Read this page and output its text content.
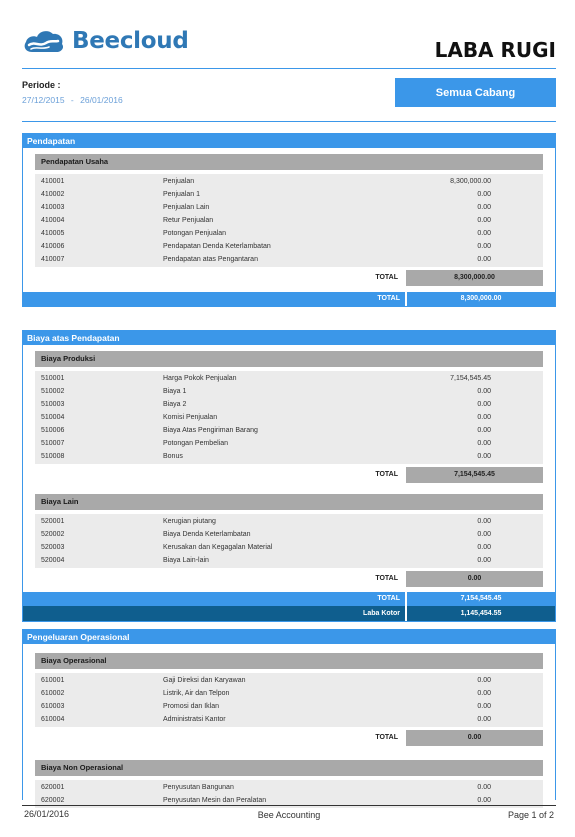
Beecloud	LABA RUGI
Periode :
27/12/2015 - 26/01/2016
Semua Cabang
Pendapatan
Pendapatan Usaha
410001	Penjualan	8,300,000.00
410002	Penjualan 1	0.00
410003	Penjualan Lain	0.00
410004	Retur Penjualan	0.00
410005	Potongan Penjualan	0.00
410006	Pendapatan Denda Keterlambatan	0.00
410007	Pendapatan atas Pengantaran	0.00
TOTAL	8,300,000.00
TOTAL	8,300,000.00
Biaya atas Pendapatan
Biaya Produksi
510001	Harga Pokok Penjualan	7,154,545.45
510002	Biaya 1	0.00
510003	Biaya 2	0.00
510004	Komisi Penjualan	0.00
510006	Biaya Atas Pengiriman Barang	0.00
510007	Potongan Pembelian	0.00
510008	Bonus	0.00
TOTAL	7,154,545.45
Biaya Lain
520001	Kerugian piutang	0.00
520002	Biaya Denda Keterlambatan	0.00
520003	Kerusakan dan Kegagalan Material	0.00
520004	Biaya Lain-lain	0.00
TOTAL	0.00
TOTAL	7,154,545.45
Laba Kotor	1,145,454.55
Pengeluaran Operasional
Biaya Operasional
610001	Gaji Direksi dan Karyawan	0.00
610002	Listrik, Air dan Telpon	0.00
610003	Promosi dan Iklan	0.00
610004	Administratsi Kantor	0.00
TOTAL	0.00
Biaya Non Operasional
620001	Penyusutan Bangunan	0.00
620002	Penyusutan Mesin dan Peralatan	0.00
26/01/2016	Bee Accounting	Page 1 of 2
